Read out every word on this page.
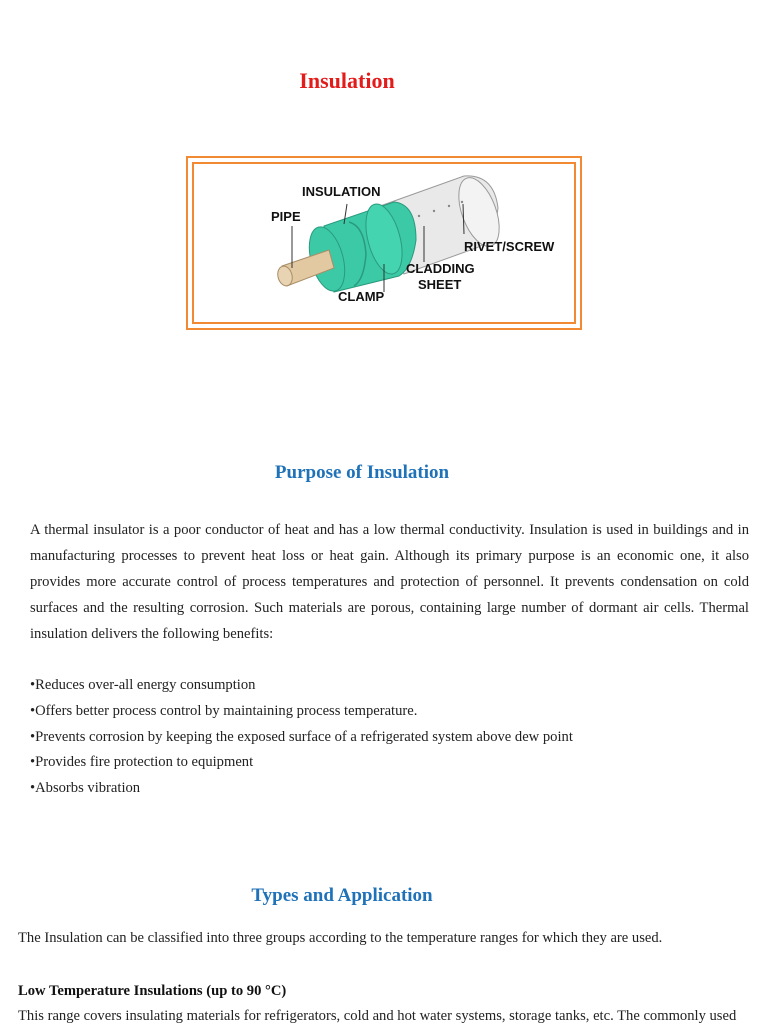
Insulation
INSULATION
PIPE
RIVET/SCREW
CLADDING
SHEET
CLAMP
Purpose of Insulation

A thermal insulator is a poor conductor of heat and has a low thermal conductivity. Insulation is used in buildings and in manufacturing processes to prevent heat loss or heat gain. Although its primary purpose is an economic one, it also provides more accurate control of process temperatures and protection of personnel. It prevents condensation on cold surfaces and the resulting corrosion. Such materials are porous, containing large number of dormant air cells. Thermal insulation delivers the following benefits:

•Reduces over-all energy consumption
•Offers better process control by maintaining process temperature.
•Prevents corrosion by keeping the exposed surface of a refrigerated system above dew point
•Provides fire protection to equipment
•Absorbs vibration
Types and Application

The Insulation can be classified into three groups according to the temperature ranges for which they are used.

Low Temperature Insulations (up to 90 °C)

This range covers insulating materials for refrigerators, cold and hot water systems, storage tanks, etc. The commonly used
